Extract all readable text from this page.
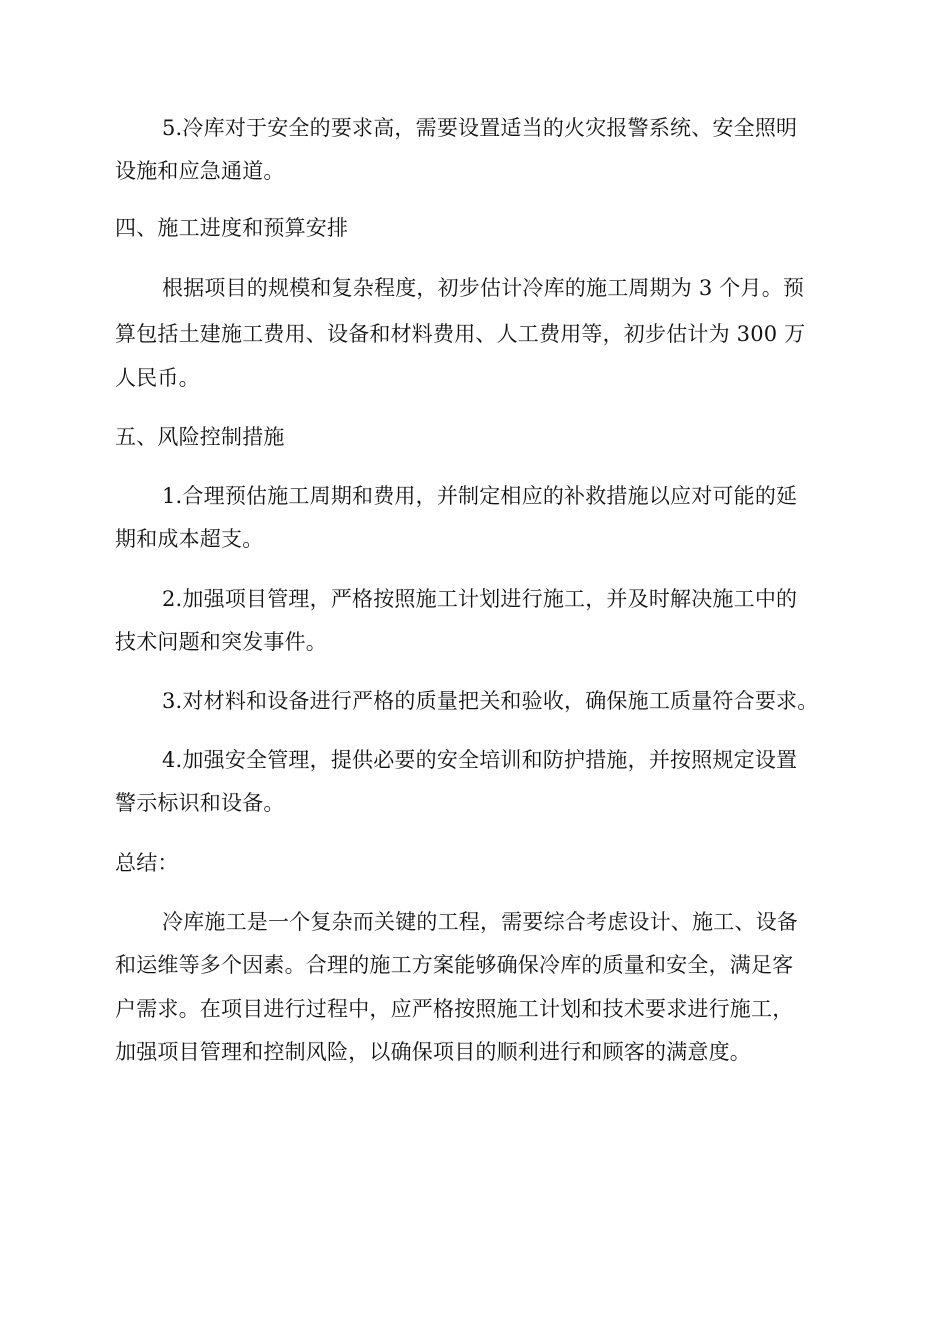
5.冷库对于安全的要求高，需要设置适当的火灾报警系统、安全照明
设施和应急通道。
四、施工进度和预算安排
根据项目的规模和复杂程度，初步估计冷库的施工周期为 3 个月。预
算包括土建施工费用、设备和材料费用、人工费用等，初步估计为 300 万
人民币。
五、风险控制措施
1.合理预估施工周期和费用，并制定相应的补救措施以应对可能的延
期和成本超支。
2.加强项目管理，严格按照施工计划进行施工，并及时解决施工中的
技术问题和突发事件。
3.对材料和设备进行严格的质量把关和验收，确保施工质量符合要求。
4.加强安全管理，提供必要的安全培训和防护措施，并按照规定设置
警示标识和设备。
总结：
冷库施工是一个复杂而关键的工程，需要综合考虑设计、施工、设备
和运维等多个因素。合理的施工方案能够确保冷库的质量和安全，满足客
户需求。在项目进行过程中，应严格按照施工计划和技术要求进行施工，
加强项目管理和控制风险，以确保项目的顺利进行和顾客的满意度。
